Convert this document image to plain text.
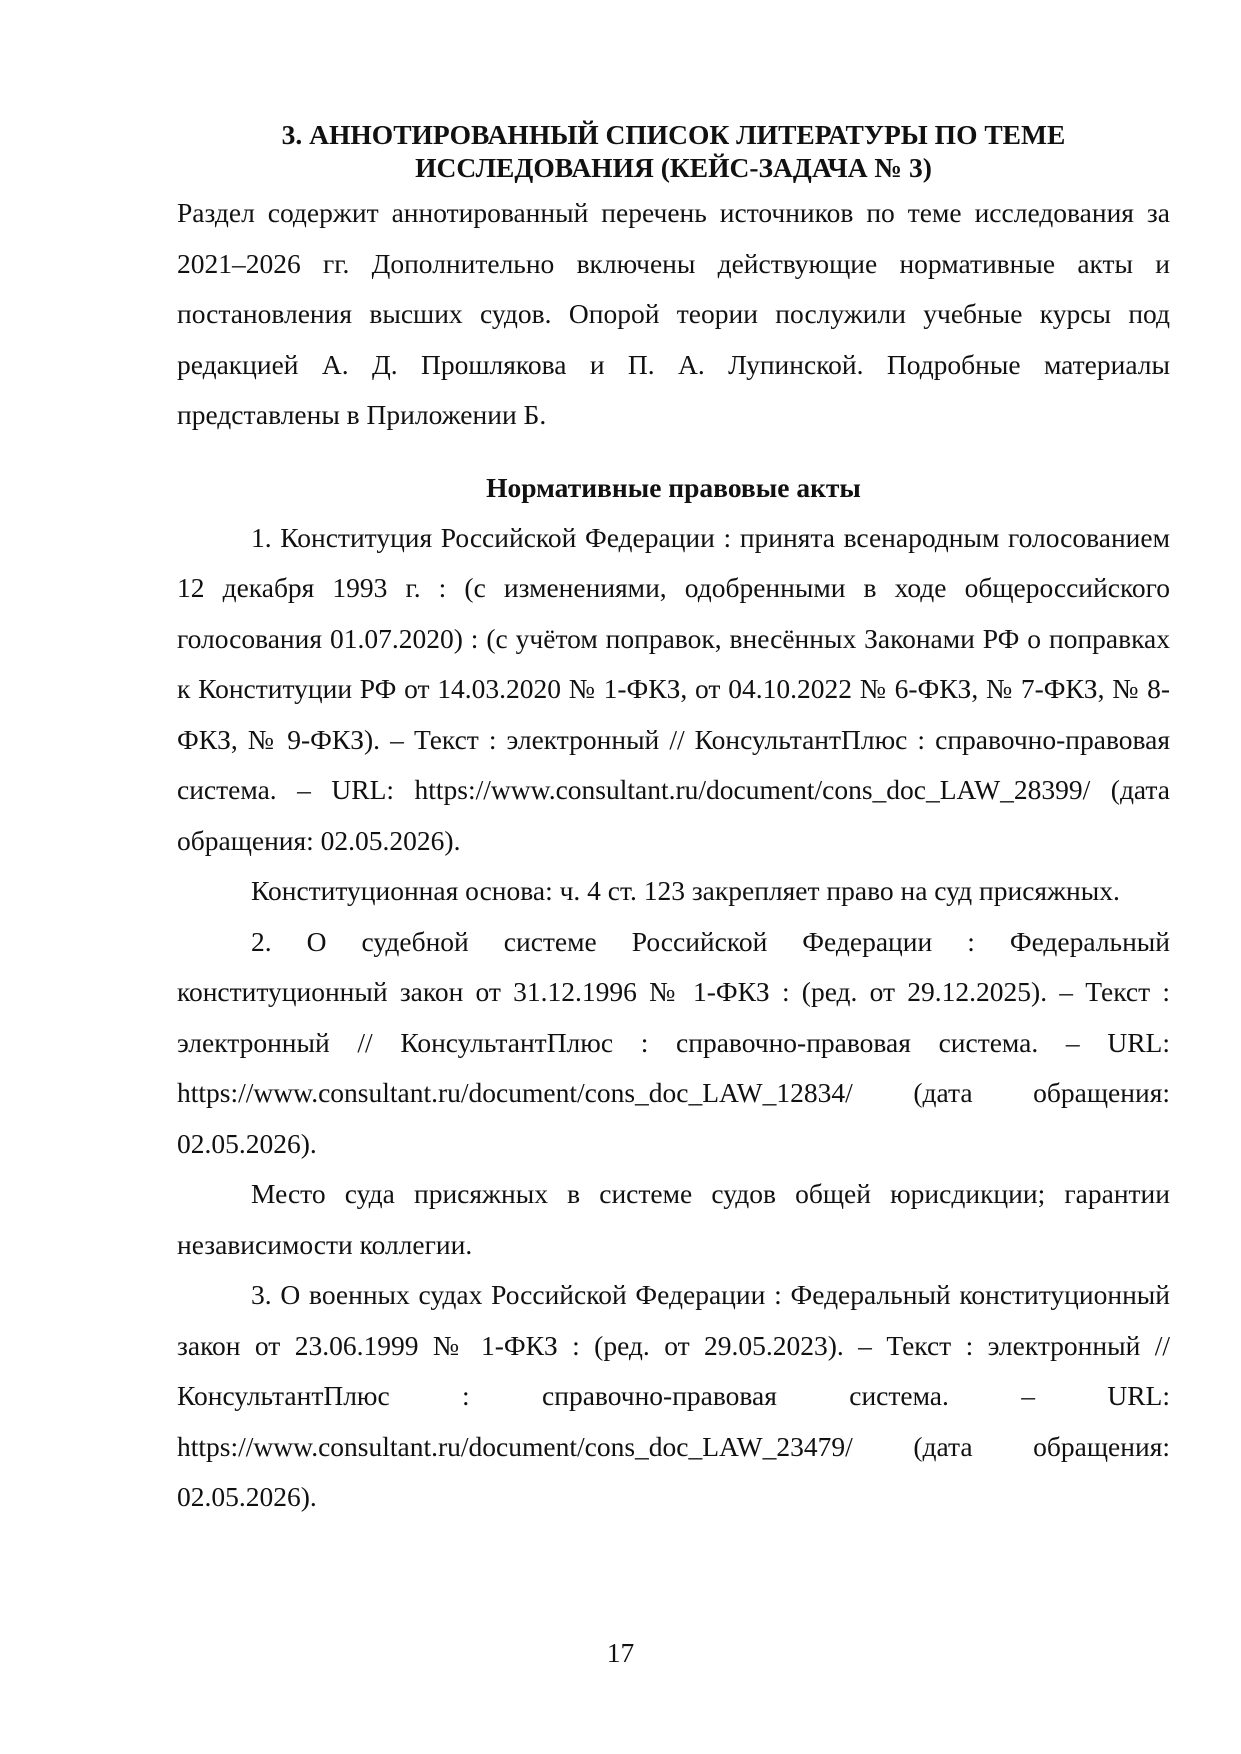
3. АННОТИРОВАННЫЙ СПИСОК ЛИТЕРАТУРЫ ПО ТЕМЕ
ИССЛЕДОВАНИЯ (КЕЙС-ЗАДАЧА № 3)

Раздел содержит аннотированный перечень источников по теме исследования за 2021–2026 гг. Дополнительно включены действующие нормативные акты и постановления высших судов. Опорой теории послужили учебные курсы под редакцией А. Д. Прошлякова и П. А. Лупинской. Подробные материалы представлены в Приложении Б.

Нормативные правовые акты

1. Конституция Российской Федерации : принята всенародным голосованием 12 декабря 1993 г. : (с изменениями, одобренными в ходе общероссийского голосования 01.07.2020) : (с учётом поправок, внесённых Законами РФ о поправках к Конституции РФ от 14.03.2020 № 1-ФКЗ, от 04.10.2022 № 6-ФКЗ, № 7-ФКЗ, № 8-ФКЗ, № 9-ФКЗ). – Текст : электронный // КонсультантПлюс : справочно-правовая система. – URL: https://www.consultant.ru/document/cons_doc_LAW_28399/ (дата обращения: 02.05.2026).

Конституционная основа: ч. 4 ст. 123 закрепляет право на суд присяжных.

2. О судебной системе Российской Федерации : Федеральный конституционный закон от 31.12.1996 № 1-ФКЗ : (ред. от 29.12.2025). – Текст : электронный // КонсультантПлюс : справочно-правовая система. – URL: https://www.consultant.ru/document/cons_doc_LAW_12834/ (дата обращения: 02.05.2026).

Место суда присяжных в системе судов общей юрисдикции; гарантии независимости коллегии.

3. О военных судах Российской Федерации : Федеральный конституционный закон от 23.06.1999 № 1-ФКЗ : (ред. от 29.05.2023). – Текст : электронный // КонсультантПлюс : справочно-правовая система. – URL: https://www.consultant.ru/document/cons_doc_LAW_23479/ (дата обращения: 02.05.2026).

17
